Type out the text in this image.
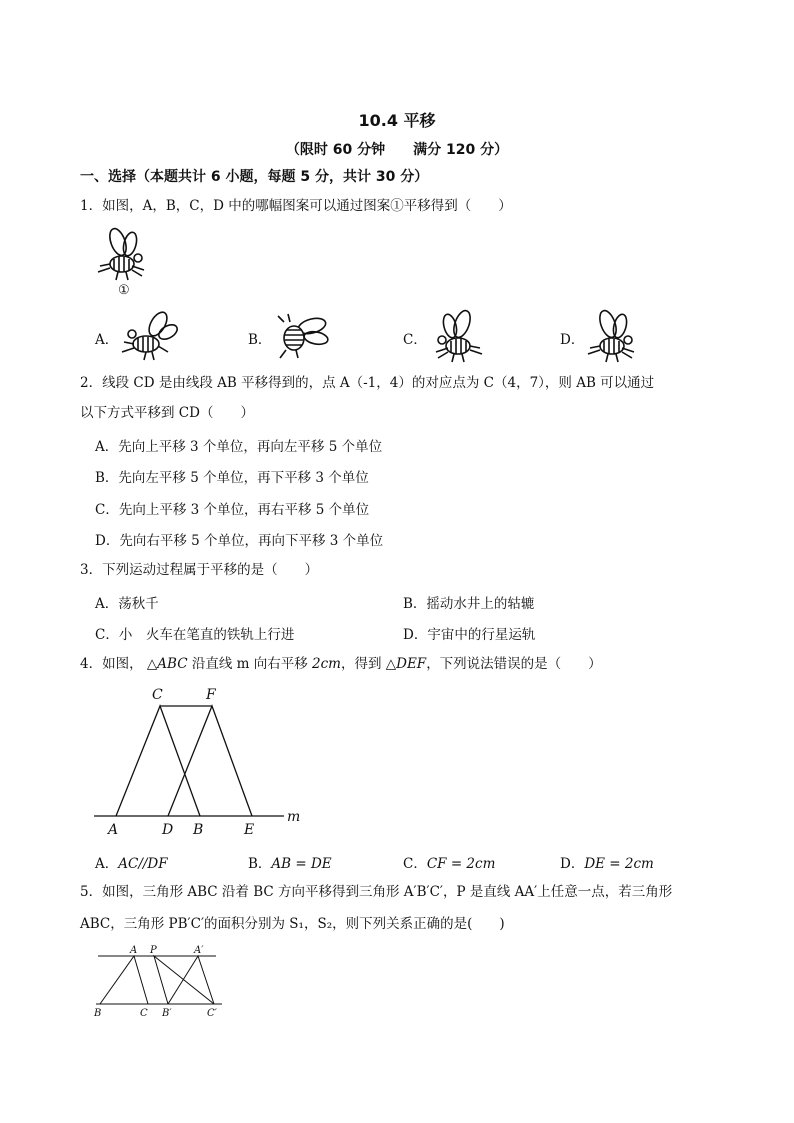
10.4 平移
（限时 60 分钟　　满分 120 分）
一、选择（本题共计 6 小题，每题 5 分，共计 30 分）
1．如图，A，B，C，D 中的哪幅图案可以通过图案①平移得到（　　）
①
A．	B．	C．	D．
2．线段 CD 是由线段 AB 平移得到的，点 A（-1，4）的对应点为 C（4，7），则 AB 可以通过
以下方式平移到 CD（　　）
A．先向上平移 3 个单位，再向左平移 5 个单位
B．先向左平移 5 个单位，再下平移 3 个单位
C．先向上平移 3 个单位，再右平移 5 个单位
D．先向右平移 5 个单位，再向下平移 3 个单位
3．下列运动过程属于平移的是（　　）
A．荡秋千	B．摇动水井上的轱辘
C．小　火车在笔直的铁轨上行进	D．宇宙中的行星运轨
4．如图， △ABC 沿直线 m 向右平移 2cm，得到 △DEF，下列说法错误的是（　　）
C	F
A	D B	E
m
A．AC//DF	B．AB = DE	C．CF = 2cm	D．DE = 2cm
5．如图，三角形 ABC 沿着 BC 方向平移得到三角形 A′B′C′，P 是直线 AA′上任意一点，若三角形
ABC，三角形 PB′C′的面积分别为 S₁，S₂，则下列关系正确的是(　　)
A P	A′
B	C B′	C′
